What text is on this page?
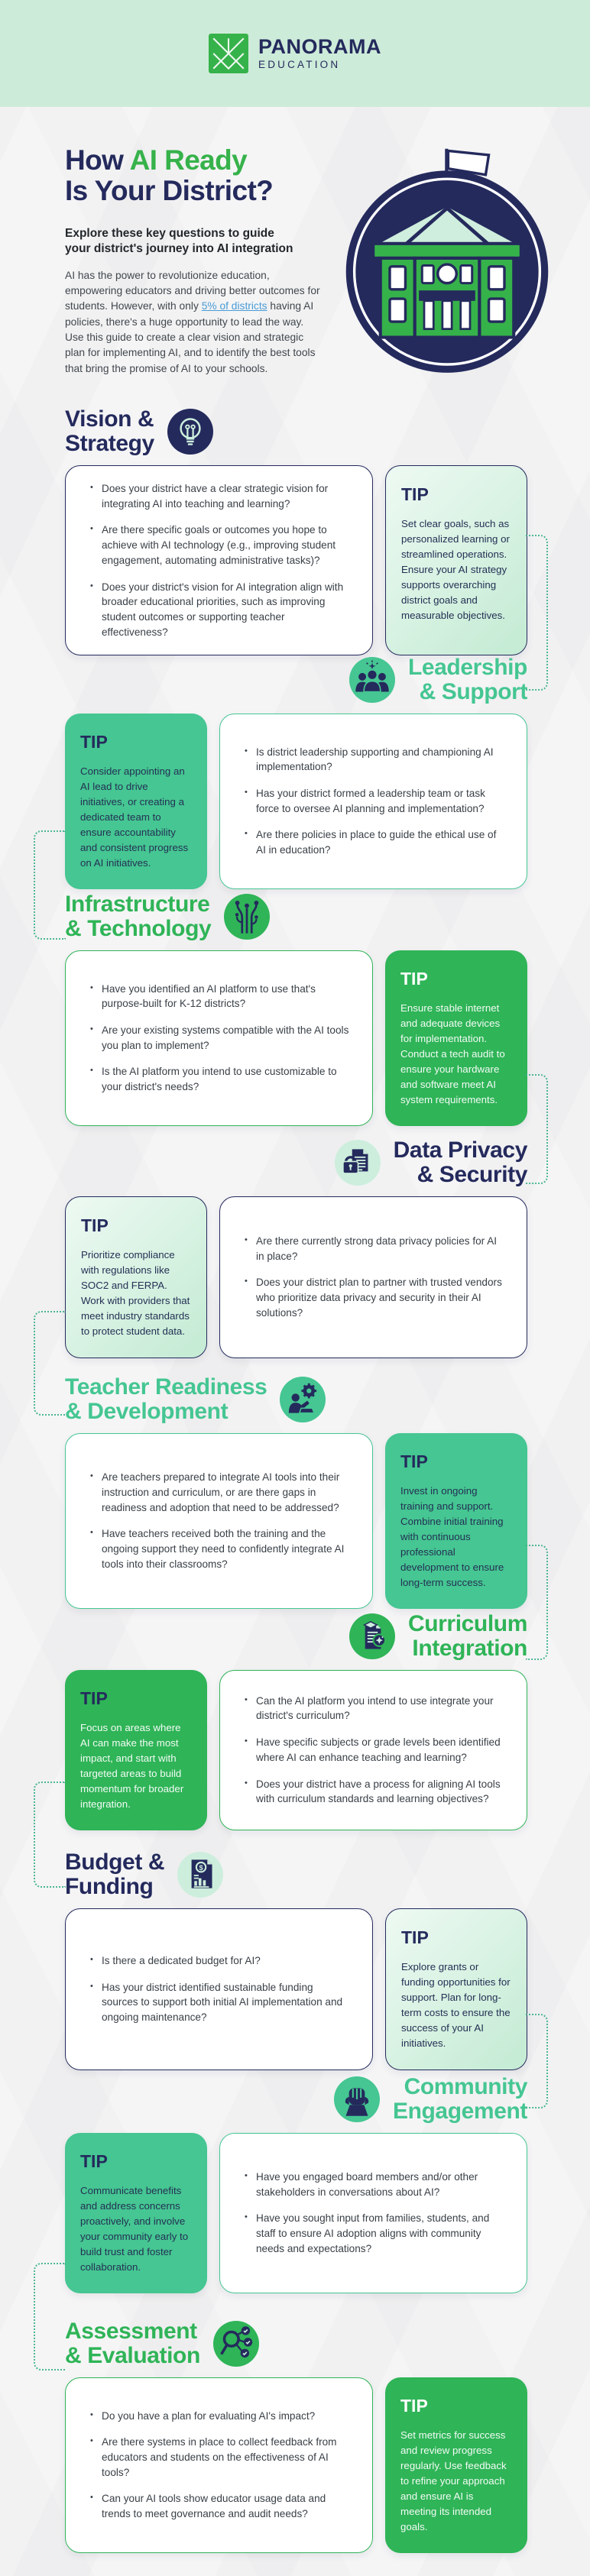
PANORAMA
EDUCATION
How AI Ready
Is Your District?
Explore these key questions to guide your district's journey into AI integration
AI has the power to revolutionize education, empowering educators and driving better outcomes for students. However, with only 5% of districts having AI policies, there's a huge opportunity to lead the way. Use this guide to create a clear vision and strategic plan for implementing AI, and to identify the best tools that bring the promise of AI to your schools.
Vision &
Strategy
• Does your district have a clear strategic vision for integrating AI into teaching and learning?
• Are there specific goals or outcomes you hope to achieve with AI technology (e.g., improving student engagement, automating administrative tasks)?
• Does your district's vision for AI integration align with broader educational priorities, such as improving student outcomes or supporting teacher effectiveness?
TIP
Set clear goals, such as personalized learning or streamlined operations. Ensure your AI strategy supports overarching district goals and measurable objectives.
Leadership
& Support
TIP
Consider appointing an AI lead to drive initiatives, or creating a dedicated team to ensure accountability and consistent progress on AI initiatives.
• Is district leadership supporting and championing AI implementation?
• Has your district formed a leadership team or task force to oversee AI planning and implementation?
• Are there policies in place to guide the ethical use of AI in education?
Infrastructure
& Technology
• Have you identified an AI platform to use that's purpose-built for K-12 districts?
• Are your existing systems compatible with the AI tools you plan to implement?
• Is the AI platform you intend to use customizable to your district's needs?
TIP
Ensure stable internet and adequate devices for implementation. Conduct a tech audit to ensure your hardware and software meet AI system requirements.
Data Privacy
& Security
TIP
Prioritize compliance with regulations like SOC2 and FERPA. Work with providers that meet industry standards to protect student data.
• Are there currently strong data privacy policies for AI in place?
• Does your district plan to partner with trusted vendors who prioritize data privacy and security in their AI solutions?
Teacher Readiness
& Development
• Are teachers prepared to integrate AI tools into their instruction and curriculum, or are there gaps in readiness and adoption that need to be addressed?
• Have teachers received both the training and the ongoing support they need to confidently integrate AI tools into their classrooms?
TIP
Invest in ongoing training and support. Combine initial training with continuous professional development to ensure long-term success.
Curriculum
Integration
TIP
Focus on areas where AI can make the most impact, and start with targeted areas to build momentum for broader integration.
• Can the AI platform you intend to use integrate your district's curriculum?
• Have specific subjects or grade levels been identified where AI can enhance teaching and learning?
• Does your district have a process for aligning AI tools with curriculum standards and learning objectives?
Budget &
Funding
$
• Is there a dedicated budget for AI?
• Has your district identified sustainable funding sources to support both initial AI implementation and ongoing maintenance?
TIP
Explore grants or funding opportunities for support. Plan for long-term costs to ensure the success of your AI initiatives.
Community
Engagement
TIP
Communicate benefits and address concerns proactively, and involve your community early to build trust and foster collaboration.
• Have you engaged board members and/or other stakeholders in conversations about AI?
• Have you sought input from families, students, and staff to ensure AI adoption aligns with community needs and expectations?
Assessment
& Evaluation
• Do you have a plan for evaluating AI's impact?
• Are there systems in place to collect feedback from educators and students on the effectiveness of AI tools?
• Can your AI tools show educator usage data and trends to meet governance and audit needs?
TIP
Set metrics for success and review progress regularly. Use feedback to refine your approach and ensure AI is meeting its intended goals.
